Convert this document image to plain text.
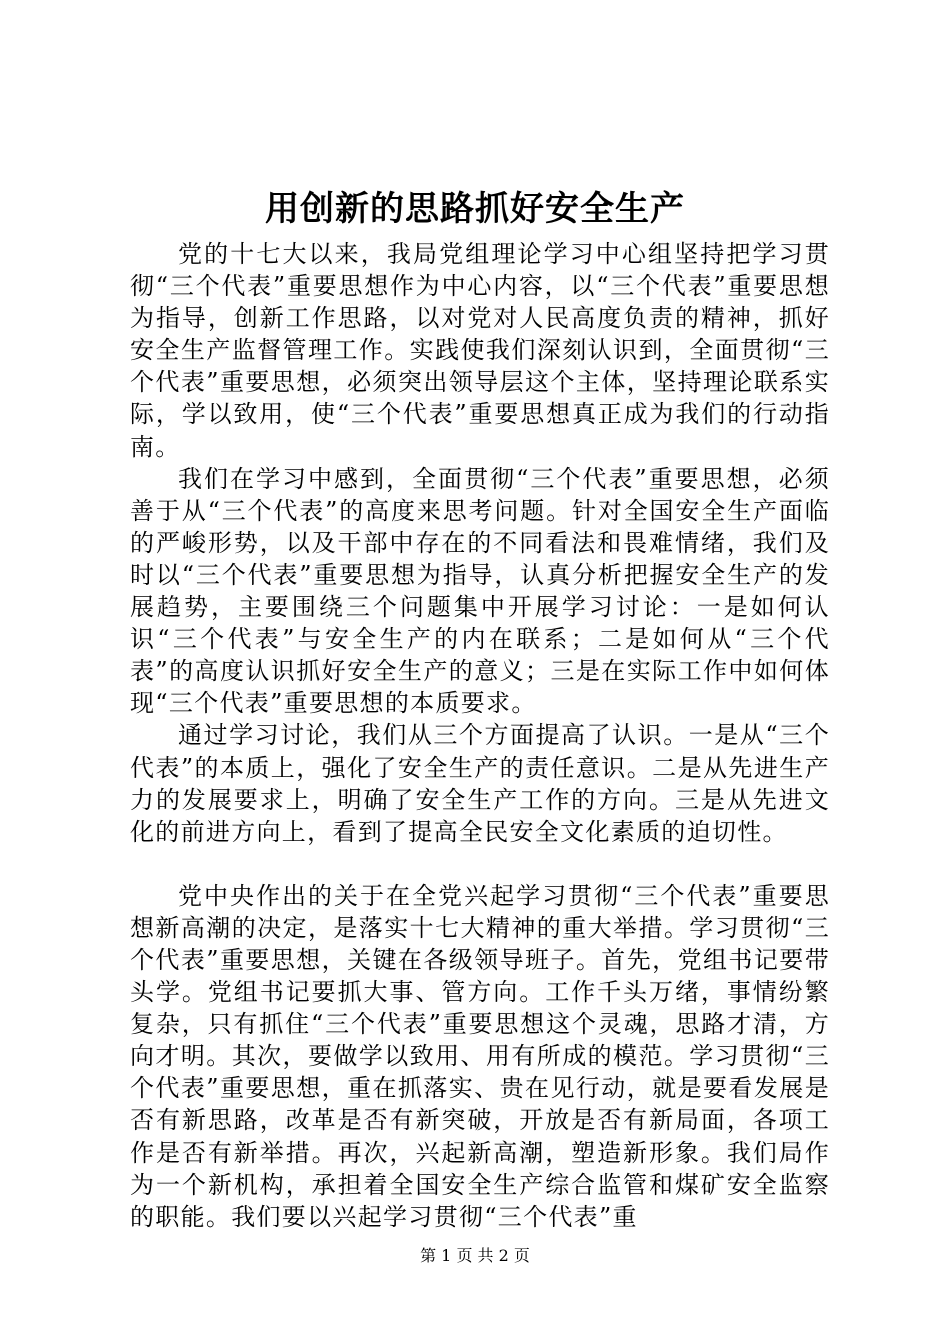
用创新的思路抓好安全生产

党的十七大以来，我局党组理论学习中心组坚持把学习贯彻“三个代表”重要思想作为中心内容，以“三个代表”重要思想为指导，创新工作思路，以对党对人民高度负责的精神，抓好安全生产监督管理工作。实践使我们深刻认识到，全面贯彻“三个代表”重要思想，必须突出领导层这个主体，坚持理论联系实际，学以致用，使“三个代表”重要思想真正成为我们的行动指南。

我们在学习中感到，全面贯彻“三个代表”重要思想，必须善于从“三个代表”的高度来思考问题。针对全国安全生产面临的严峻形势，以及干部中存在的不同看法和畏难情绪，我们及时以“三个代表”重要思想为指导，认真分析把握安全生产的发展趋势，主要围绕三个问题集中开展学习讨论：一是如何认识“三个代表”与安全生产的内在联系；二是如何从“三个代表”的高度认识抓好安全生产的意义；三是在实际工作中如何体现“三个代表”重要思想的本质要求。

通过学习讨论，我们从三个方面提高了认识。一是从“三个代表”的本质上，强化了安全生产的责任意识。二是从先进生产力的发展要求上，明确了安全生产工作的方向。三是从先进文化的前进方向上，看到了提高全民安全文化素质的迫切性。

党中央作出的关于在全党兴起学习贯彻“三个代表”重要思想新高潮的决定，是落实十七大精神的重大举措。学习贯彻“三个代表”重要思想，关键在各级领导班子。首先，党组书记要带头学。党组书记要抓大事、管方向。工作千头万绪，事情纷繁复杂，只有抓住“三个代表”重要思想这个灵魂，思路才清，方向才明。其次，要做学以致用、用有所成的模范。学习贯彻“三个代表”重要思想，重在抓落实、贵在见行动，就是要看发展是否有新思路，改革是否有新突破，开放是否有新局面，各项工作是否有新举措。再次，兴起新高潮，塑造新形象。我们局作为一个新机构，承担着全国安全生产综合监管和煤矿安全监察的职能。我们要以兴起学习贯彻“三个代表”重

第 1 页 共 2 页
